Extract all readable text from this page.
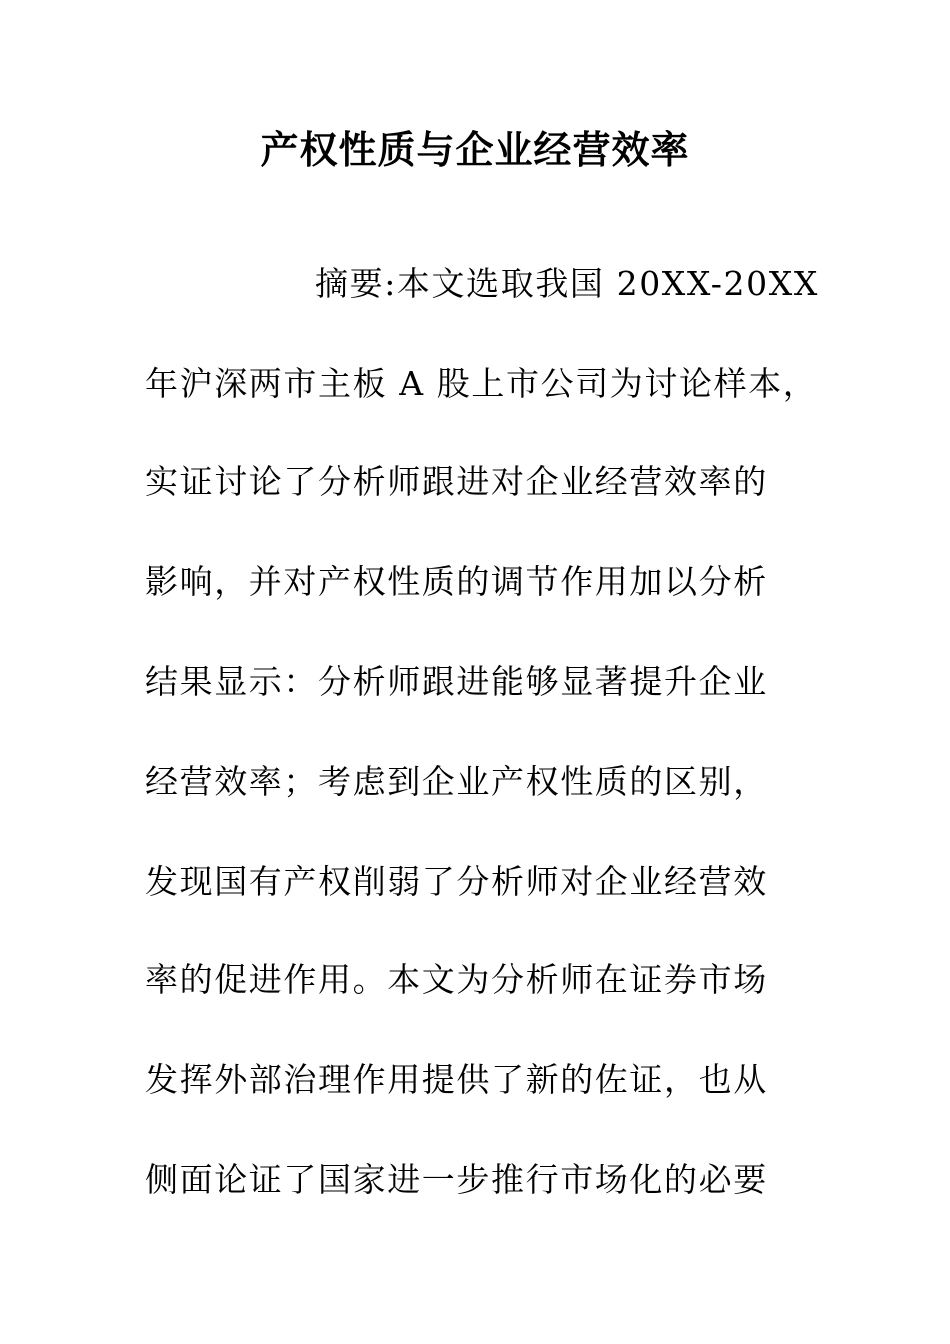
产权性质与企业经营效率

摘要:本文选取我国 20XX-20XX

年沪深两市主板 A 股上市公司为讨论样本，

实证讨论了分析师跟进对企业经营效率的

影响，并对产权性质的调节作用加以分析

结果显示：分析师跟进能够显著提升企业

经营效率；考虑到企业产权性质的区别，

发现国有产权削弱了分析师对企业经营效

率的促进作用。本文为分析师在证券市场

发挥外部治理作用提供了新的佐证，也从

侧面论证了国家进一步推行市场化的必要
